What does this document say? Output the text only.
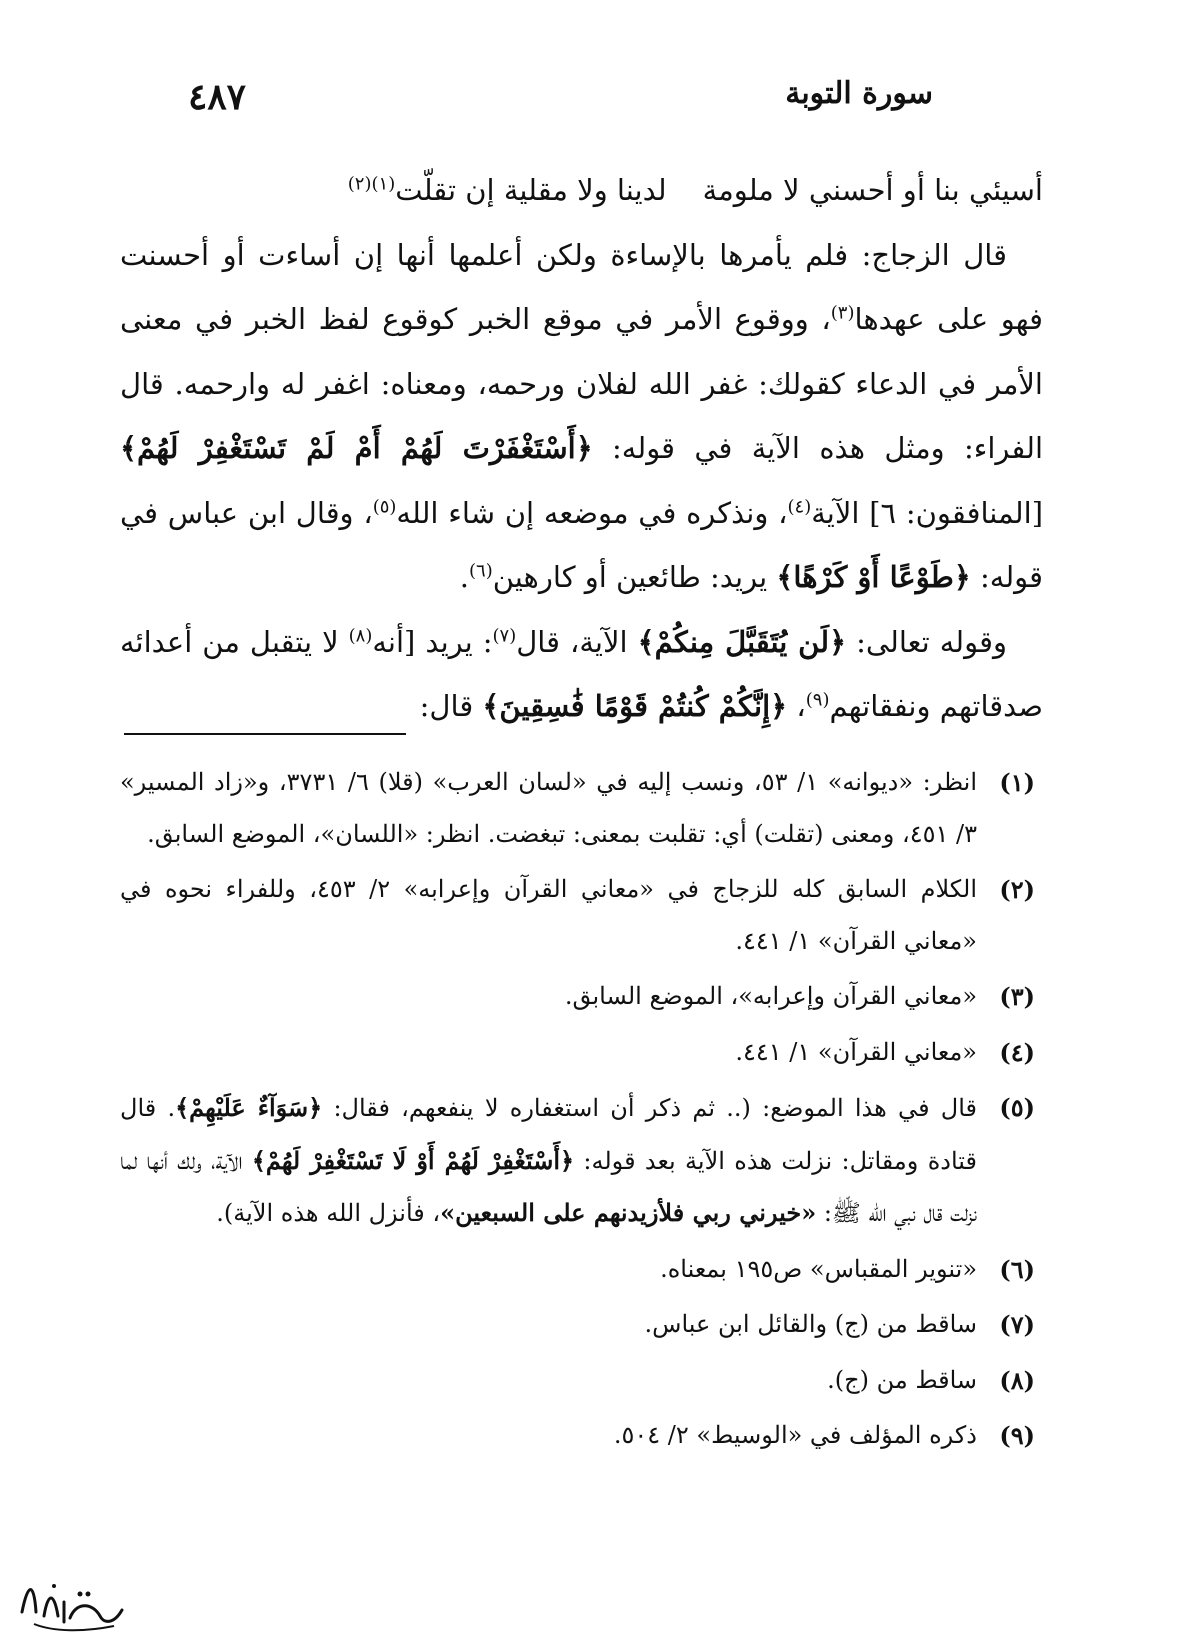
٤٨٧	سورة التوبة

أسيئي بنا أو أحسني لا ملومةلدينا ولا مقلية إن تقلّت$^{(١)(٢)}$

قال الزجاج: فلم يأمرها بالإساءة ولكن أعلمها أنها إن أساءت أو أحسنت فهو على عهدها$^{(٣)}$، ووقوع الأمر في موقع الخبر كوقوع لفظ الخبر في معنى الأمر في الدعاء كقولك: غفر الله لفلان ورحمه، ومعناه: اغفر له وارحمه. قال الفراء: ومثل هذه الآية في قوله: ﴿أَسْتَغْفَرْتَ لَهُمْ أَمْ لَمْ تَسْتَغْفِرْ لَهُمْ﴾ [المنافقون: ٦] الآية$^{(٤)}$، ونذكره في موضعه إن شاء الله$^{(٥)}$، وقال ابن عباس في قوله: ﴿طَوْعًا أَوْ كَرْهًا﴾ يريد: طائعين أو كارهين$^{(٦)}$.

وقوله تعالى: ﴿لَن يُتَقَبَّلَ مِنكُمْ﴾ الآية، قال$^{(٧)}$: يريد [أنه$^{(٨)}$ لا يتقبل من أعدائه صدقاتهم ونفقاتهم$^{(٩)}$، ﴿إِنَّكُمْ كُنتُمْ قَوْمًا فَٰسِقِينَ﴾ قال:

(١)
انظر: «ديوانه» ١/ ٥٣، ونسب إليه في «لسان العرب» (قلا) ٦/ ٣٧٣١، و«زاد المسير» ٣/ ٤٥١، ومعنى (تقلت) أي: تقلبت بمعنى: تبغضت. انظر: «اللسان»، الموضع السابق.
(٢)
الكلام السابق كله للزجاج في «معاني القرآن وإعرابه» ٢/ ٤٥٣، وللفراء نحوه في «معاني القرآن» ١/ ٤٤١.
(٣)
«معاني القرآن وإعرابه»، الموضع السابق.
(٤)
«معاني القرآن» ١/ ٤٤١.
(٥)
قال في هذا الموضع: (.. ثم ذكر أن استغفاره لا ينفعهم، فقال: ﴿سَوَآءٌ عَلَيْهِمْ﴾. قال قتادة ومقاتل: نزلت هذه الآية بعد قوله: ﴿أَسْتَغْفِرْ لَهُمْ أَوْ لَا تَسْتَغْفِرْ لَهُمْ﴾ الآية، ولك أنها لما نزلت قال نبي الله ﷺ: «خيرني ربي فلأزيدنهم على السبعين»، فأنزل الله هذه الآية).
(٦)
«تنوير المقباس» ص١٩٥ بمعناه.
(٧)
ساقط من (ج) والقائل ابن عباس.
(٨)
ساقط من (ج).
(٩)
ذكره المؤلف في «الوسيط» ٢/ ٥٠٤.
